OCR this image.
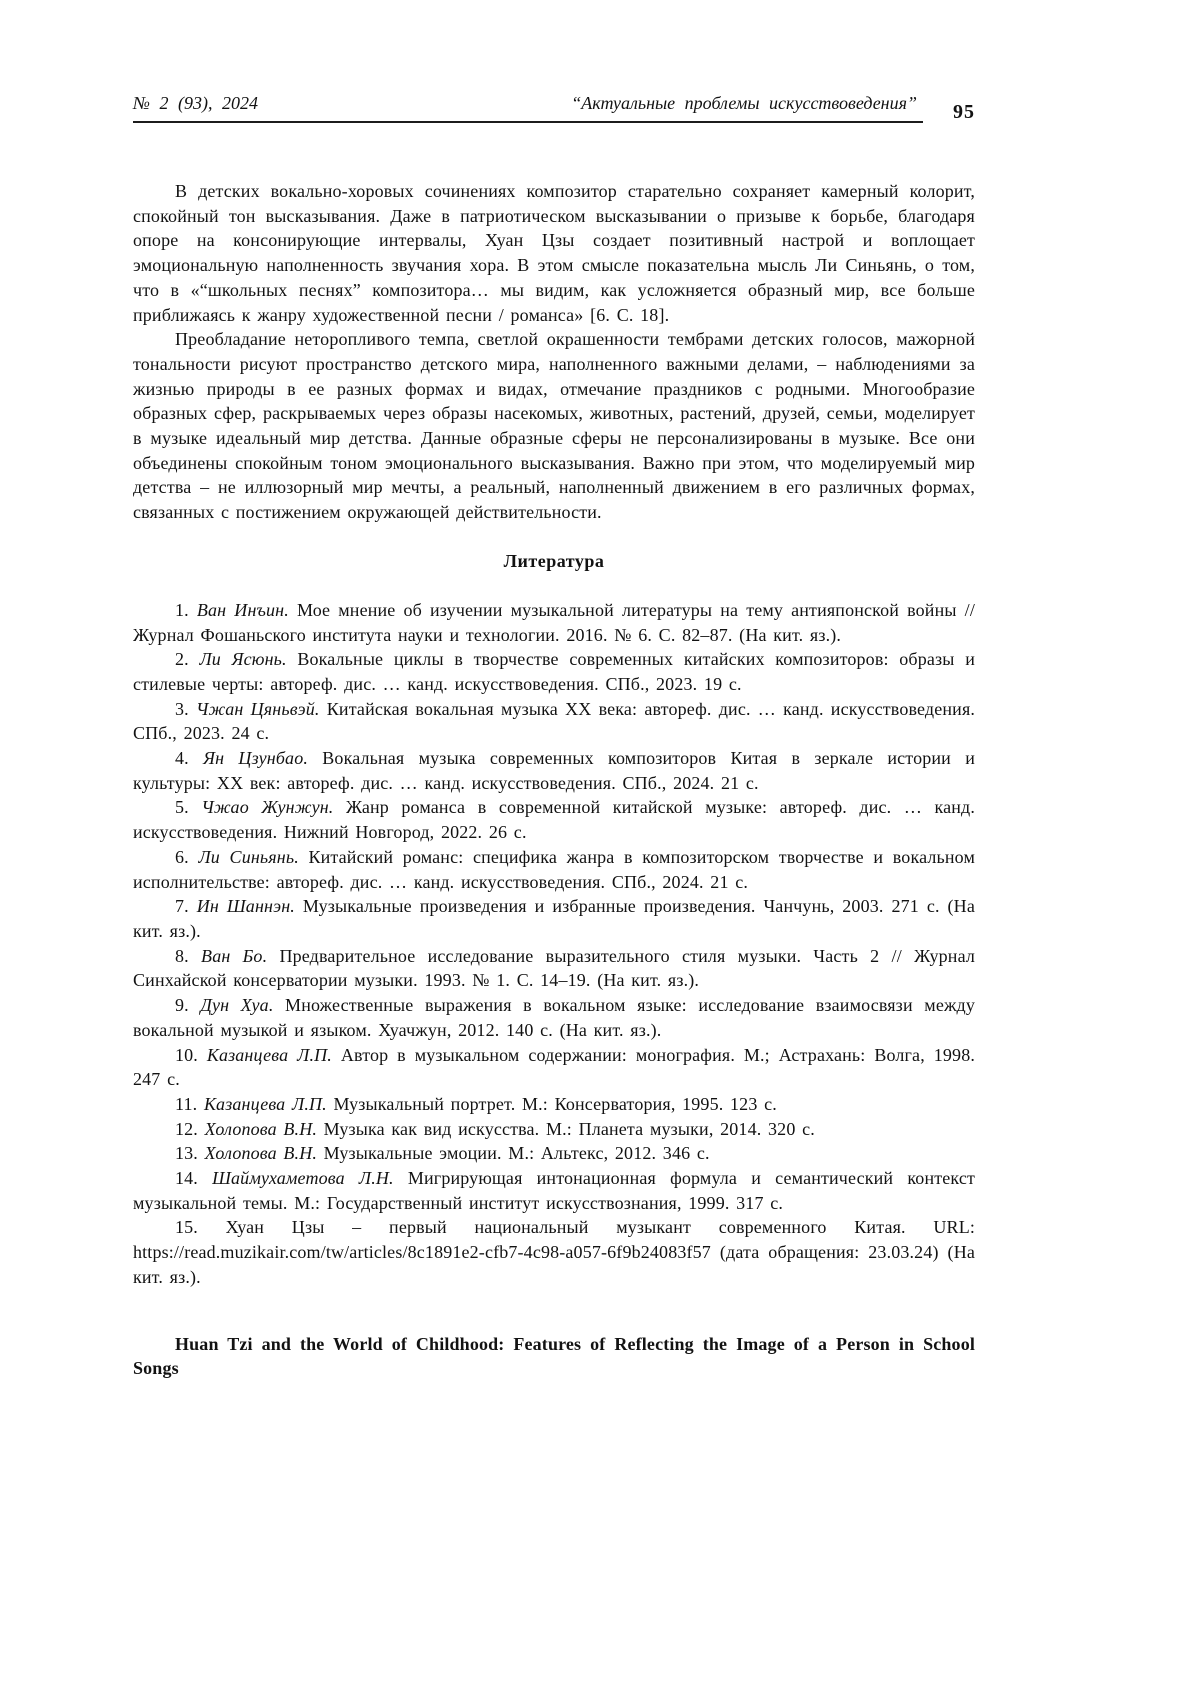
№ 2 (93), 2024	“Актуальные проблемы искусствоведения” 95

В детских вокально-хоровых сочинениях композитор старательно сохраняет камерный колорит, спокойный тон высказывания. Даже в патриотическом высказывании о призыве к борьбе, благодаря опоре на консонирующие интервалы, Хуан Цзы создает позитивный настрой и воплощает эмоциональную наполненность звучания хора. В этом смысле показательна мысль Ли Синьянь, о том, что в «“школьных песнях” композитора… мы видим, как усложняется образный мир, все больше приближаясь к жанру художественной песни / романса» [6. С. 18].

Преобладание неторопливого темпа, светлой окрашенности тембрами детских голосов, мажорной тональности рисуют пространство детского мира, наполненного важными делами, – наблюдениями за жизнью природы в ее разных формах и видах, отмечание праздников с родными. Многообразие образных сфер, раскрываемых через образы насекомых, животных, растений, друзей, семьи, моделирует в музыке идеальный мир детства. Данные образные сферы не персонализированы в музыке. Все они объединены спокойным тоном эмоционального высказывания. Важно при этом, что моделируемый мир детства – не иллюзорный мир мечты, а реальный, наполненный движением в его различных формах, связанных с постижением окружающей действительности.

Литература

1. Ван Инъин. Мое мнение об изучении музыкальной литературы на тему антияпонской войны // Журнал Фошаньского института науки и технологии. 2016. № 6. С. 82–87. (На кит. яз.).

2. Ли Ясюнь. Вокальные циклы в творчестве современных китайских композиторов: образы и стилевые черты: автореф. дис. … канд. искусствоведения. СПб., 2023. 19 с.

3. Чжан Цяньвэй. Китайская вокальная музыка XX века: автореф. дис. … канд. искусствоведения. СПб., 2023. 24 с.

4. Ян Цзунбао. Вокальная музыка современных композиторов Китая в зеркале истории и культуры: XX век: автореф. дис. … канд. искусствоведения. СПб., 2024. 21 с.

5. Чжао Жунжун. Жанр романса в современной китайской музыке: автореф. дис. … канд. искусствоведения. Нижний Новгород, 2022. 26 с.

6. Ли Синьянь. Китайский романс: специфика жанра в композиторском творчестве и вокальном исполнительстве: автореф. дис. … канд. искусствоведения. СПб., 2024. 21 с.

7. Ин Шаннэн. Музыкальные произведения и избранные произведения. Чанчунь, 2003. 271 с. (На кит. яз.).

8. Ван Бо. Предварительное исследование выразительного стиля музыки. Часть 2 // Журнал Синхайской консерватории музыки. 1993. № 1. С. 14–19. (На кит. яз.).

9. Дун Хуа. Множественные выражения в вокальном языке: исследование взаимосвязи между вокальной музыкой и языком. Хуачжун, 2012. 140 с. (На кит. яз.).

10. Казанцева Л.П. Автор в музыкальном содержании: монография. М.; Астрахань: Волга, 1998. 247 с.

11. Казанцева Л.П. Музыкальный портрет. М.: Консерватория, 1995. 123 с.

12. Холопова В.Н. Музыка как вид искусства. М.: Планета музыки, 2014. 320 с.

13. Холопова В.Н. Музыкальные эмоции. М.: Альтекс, 2012. 346 с.

14. Шаймухаметова Л.Н. Мигрирующая интонационная формула и семантический контекст музыкальной темы. М.: Государственный институт искусствознания, 1999. 317 с.

15. Хуан Цзы – первый национальный музыкант современного Китая. URL: https://read.muzikair.com/tw/articles/8c1891e2-cfb7-4c98-a057-6f9b24083f57 (дата обращения: 23.03.24) (На кит. яз.).

Huan Tzi and the World of Childhood: Features of Reflecting the Image of a Person in School Songs
